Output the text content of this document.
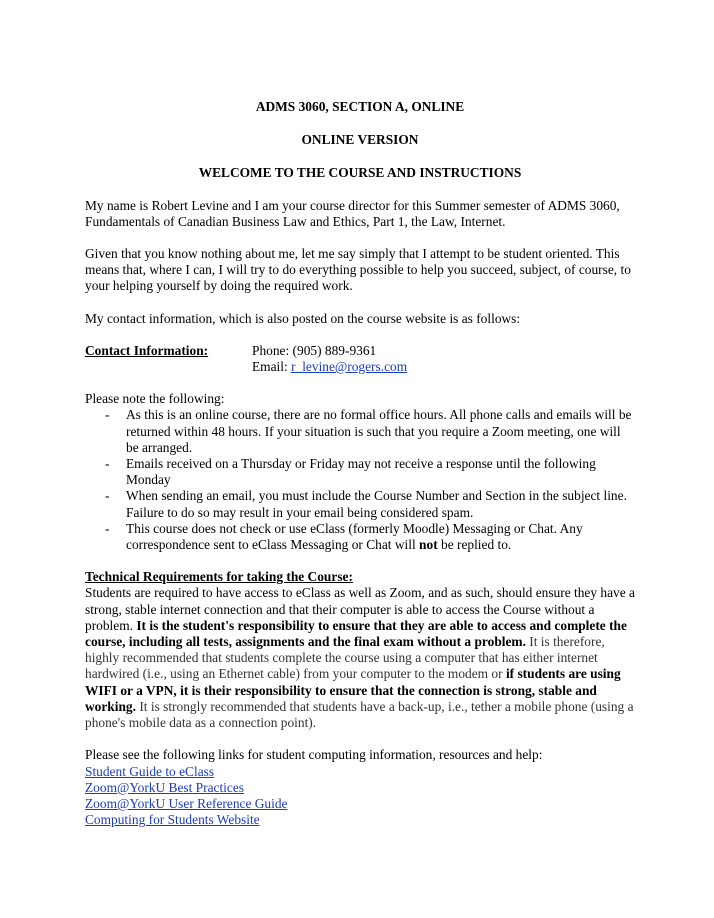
ADMS 3060, SECTION A, ONLINE

ONLINE VERSION

WELCOME TO THE COURSE AND INSTRUCTIONS

My name is Robert Levine and I am your course director for this Summer semester of ADMS 3060, Fundamentals of Canadian Business Law and Ethics, Part 1, the Law, Internet.

Given that you know nothing about me, let me say simply that I attempt to be student oriented. This means that, where I can, I will try to do everything possible to help you succeed, subject, of course, to your helping yourself by doing the required work.

My contact information, which is also posted on the course website is as follows:

Contact Information:	Phone: (905) 889-9361
Email: r_levine@rogers.com

Please note the following:

- As this is an online course, there are no formal office hours. All phone calls and emails will be returned within 48 hours. If your situation is such that you require a Zoom meeting, one will be arranged.
- Emails received on a Thursday or Friday may not receive a response until the following Monday
- When sending an email, you must include the Course Number and Section in the subject line. Failure to do so may result in your email being considered spam.
- This course does not check or use eClass (formerly Moodle) Messaging or Chat. Any correspondence sent to eClass Messaging or Chat will not be replied to.

Technical Requirements for taking the Course:

Students are required to have access to eClass as well as Zoom, and as such, should ensure they have a strong, stable internet connection and that their computer is able to access the Course without a problem. It is the student's responsibility to ensure that they are able to access and complete the course, including all tests, assignments and the final exam without a problem. It is therefore, highly recommended that students complete the course using a computer that has either internet hardwired (i.e., using an Ethernet cable) from your computer to the modem or if students are using WIFI or a VPN, it is their responsibility to ensure that the connection is strong, stable and working. It is strongly recommended that students have a back-up, i.e., tether a mobile phone (using a phone's mobile data as a connection point).

Please see the following links for student computing information, resources and help:

Student Guide to eClass
Zoom@YorkU Best Practices
Zoom@YorkU User Reference Guide
Computing for Students Website
